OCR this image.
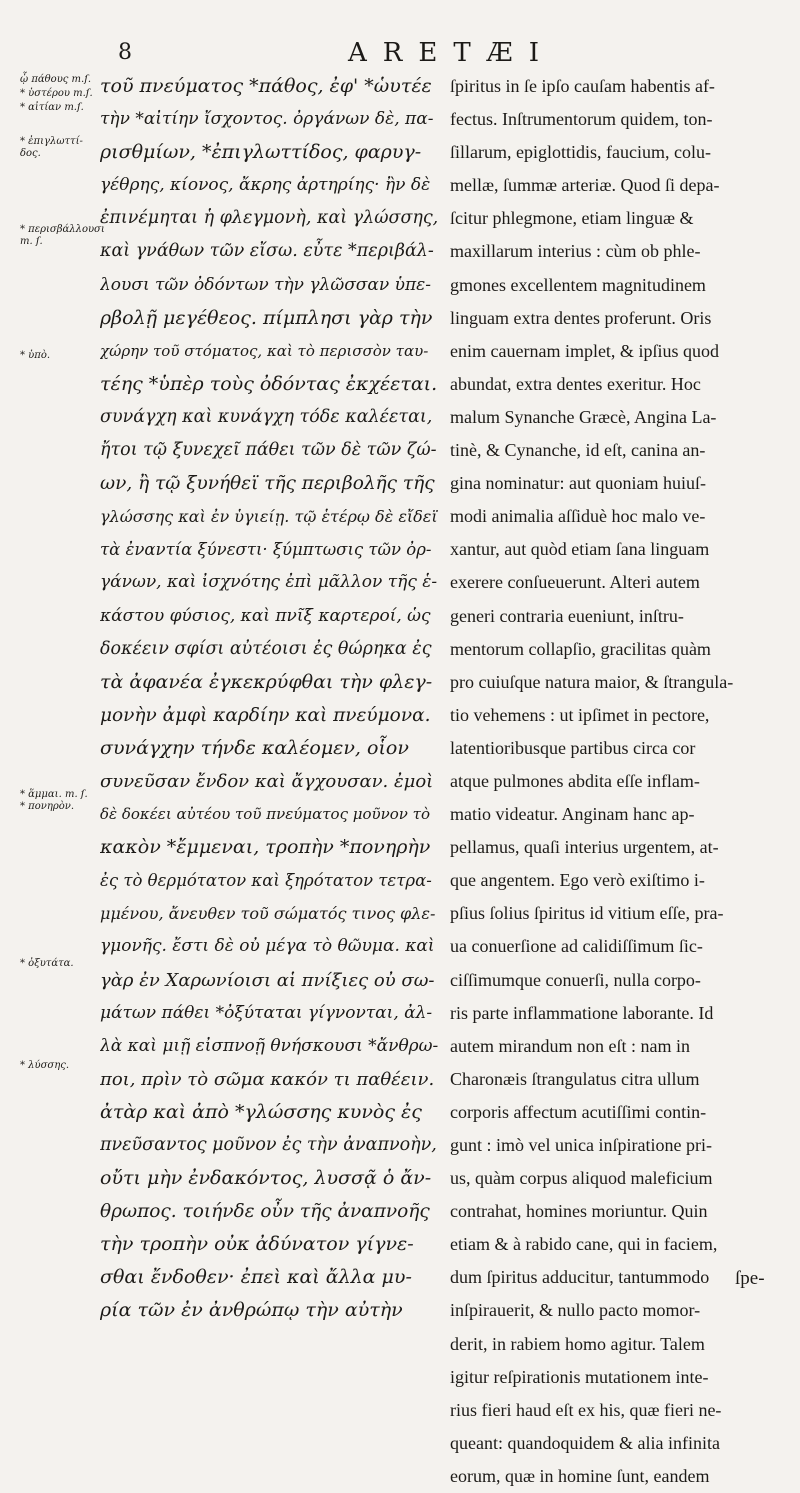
8	ARETÆI
ᾧ πάθους m.ſ.
* ὑστέρου m.ſ.
* αἰτίαν m.ſ.
* ἐπιγλωττί-
δος.
* περισβάλλουσι
m. ſ.
* ὑπὸ.
* ἅμμαι. m. ſ.
* πονηρὸν.
* ὀξυτάτα.
* λύσσης.
τοῦ πνεύματος *πάθος, ἐφ' *ὡυτέε
τὴν *αἰτίην ἴσχοντος. ὀργάνων δὲ, πα-
ρισθμίων, *ἐπιγλωττίδος, φαρυγ-
γέθρης, κίονος, ἄκρης ἀρτηρίης· ἢν δὲ
ἐπινέμηται ἡ φλεγμονὴ, καὶ γλώσσης,
καὶ γνάθων τῶν εἴσω. εὖτε *περιβάλ-
λουσι τῶν ὀδόντων τὴν γλῶσσαν ὑπε-
ρβολῇ μεγέθεος. πίμπλησι γὰρ τὴν
χώρην τοῦ στόματος, καὶ τὸ περισσὸν ταυ-
τέης *ὑπὲρ τοὺς ὀδόντας ἐκχέεται.
συνάγχη καὶ κυνάγχη τόδε καλέεται,
ἤτοι τῷ ξυνεχεῖ πάθει τῶν δὲ τῶν ζώ-
ων, ἢ τῷ ξυνήθεϊ τῆς περιβολῆς τῆς
γλώσσης καὶ ἐν ὑγιείῃ. τῷ ἑτέρῳ δὲ εἴδεϊ
τὰ ἐναντία ξύνεστι· ξύμπτωσις τῶν ὀρ-
γάνων, καὶ ἰσχνότης ἐπὶ μᾶλλον τῆς ἑ-
κάστου φύσιος, καὶ πνῖξ καρτεροί, ὡς
δοκέειν σφίσι αὐτέοισι ἐς θώρηκα ἐς
τὰ ἀφανέα ἐγκεκρύφθαι τὴν φλεγ-
μονὴν ἀμφὶ καρδίην καὶ πνεύμονα.
συνάγχην τήνδε καλέομεν, οἷον
συνεῦσαν ἔνδον καὶ ἄγχουσαν. ἐμοὶ
δὲ δοκέει αὐτέου τοῦ πνεύματος μοῦνον τὸ
κακὸν *ἔμμεναι, τροπὴν *πονηρὴν
ἐς τὸ θερμότατον καὶ ξηρότατον τετρα-
μμένου, ἄνευθεν τοῦ σώματός τινος φλε-
γμονῆς. ἔστι δὲ οὐ μέγα τὸ θῶυμα. καὶ
γὰρ ἐν Χαρωνίοισι αἱ πνίξιες οὐ σω-
μάτων πάθει *ὀξύταται γίγνονται, ἀλ-
λὰ καὶ μιῇ εἰσπνοῇ θνήσκουσι *ἄνθρω-
ποι, πρὶν τὸ σῶμα κακόν τι παθέειν.
ἀτὰρ καὶ ἀπὸ *γλώσσης κυνὸς ἐς
πνεῦσαντος μοῦνον ἐς τὴν ἀναπνοὴν,
οὔτι μὴν ἐνδακόντος, λυσσᾷ ὁ ἄν-
θρωπος. τοιήνδε οὖν τῆς ἀναπνοῆς
τὴν τροπὴν οὐκ ἀδύνατον γίγνε-
σθαι ἔνδοθεν· ἐπεὶ καὶ ἄλλα μυ-
ρία τῶν ἐν ἀνθρώπῳ τὴν αὐτὴν
ſpiritus in ſe ipſo cauſam habentis af-
fectus. Inſtrumentorum quidem, ton-
ſillarum, epiglottidis, faucium, colu-
mellæ, ſummæ arteriæ. Quod ſi depa-
ſcitur phlegmone, etiam linguæ &
maxillarum interius : cùm ob phle-
gmones excellentem magnitudinem
linguam extra dentes proferunt. Oris
enim cauernam implet, & ipſius quod
abundat, extra dentes exeritur. Hoc
malum Synanche Græcè, Angina La-
tinè, & Cynanche, id eſt, canina an-
gina nominatur: aut quoniam huiuſ-
modi animalia aſſiduè hoc malo ve-
xantur, aut quòd etiam ſana linguam
exerere conſueuerunt. Alteri autem
generi contraria eueniunt, inſtru-
mentorum collapſio, gracilitas quàm
pro cuiuſque natura maior, & ſtrangula-
tio vehemens : ut ipſimet in pectore,
latentioribusque partibus circa cor
atque pulmones abdita eſſe inflam-
matio videatur. Anginam hanc ap-
pellamus, quaſi interius urgentem, at-
que angentem. Ego verò exiſtimo i-
pſius ſolius ſpiritus id vitium eſſe, pra-
ua conuerſione ad calidiſſimum ſic-
ciſſimumque conuerſi, nulla corpo-
ris parte inflammatione laborante. Id
autem mirandum non eſt : nam in
Charonæis ſtrangulatus citra ullum
corporis affectum acutiſſimi contin-
gunt : imò vel unica inſpiratione pri-
us, quàm corpus aliquod maleficium
contrahat, homines moriuntur. Quin
etiam & à rabido cane, qui in faciem,
dum ſpiritus adducitur, tantummodo
inſpirauerit, & nullo pacto momor-
derit, in rabiem homo agitur. Talem
igitur reſpirationis mutationem inte-
rius fieri haud eſt ex his, quæ fieri ne-
queant: quandoquidem & alia infinita
eorum, quæ in homine ſunt, eandem
ſpe-
